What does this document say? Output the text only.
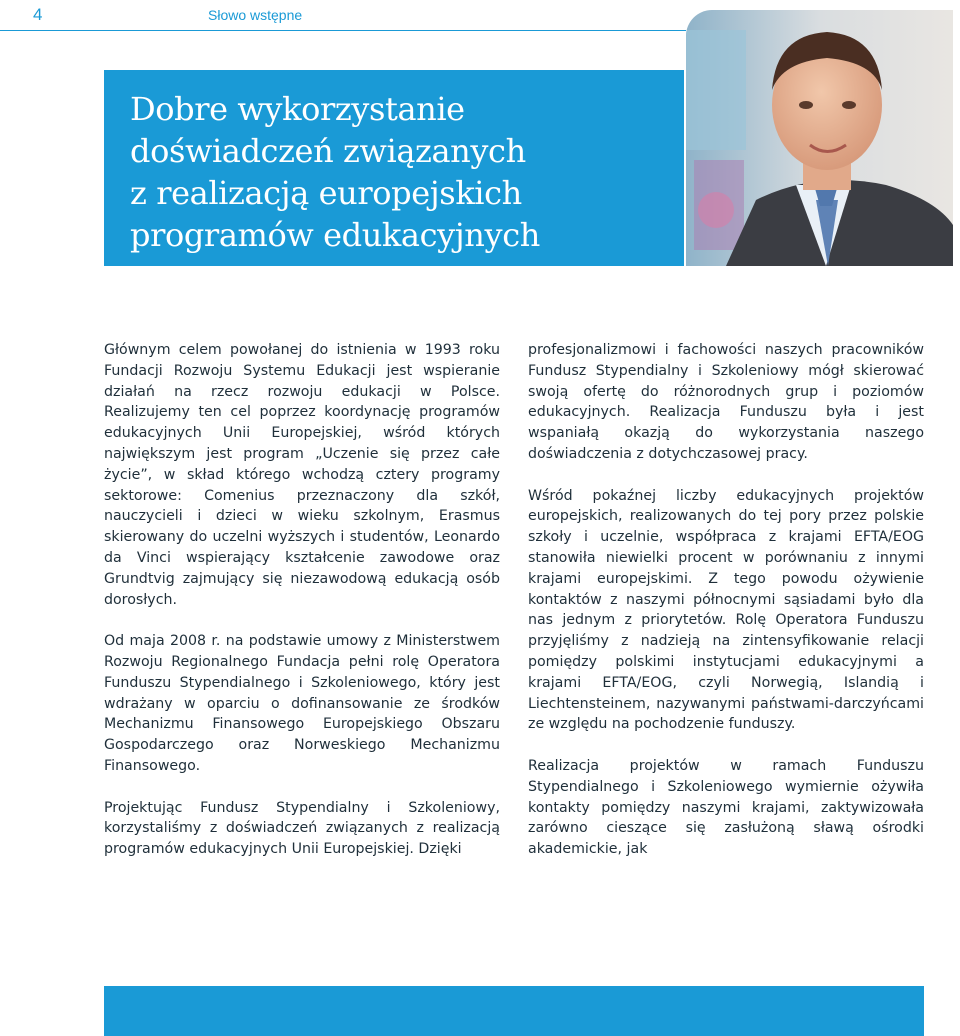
4	Słowo wstępne
Dobre wykorzystanie
doświadczeń związanych
z realizacją europejskich
programów edukacyjnych

Głównym celem powołanej do istnienia w 1993 roku Fundacji Rozwoju Systemu Edukacji jest wspieranie działań na rzecz rozwoju edukacji w Polsce. Realizujemy ten cel poprzez koordynację programów edukacyjnych Unii Europejskiej, wśród których największym jest program „Uczenie się przez całe życie”, w skład którego wchodzą cztery programy sektorowe: Comenius przeznaczony dla szkół, nauczycieli i dzieci w wieku szkolnym, Erasmus skierowany do uczelni wyższych i studentów, Leonardo da Vinci wspierający kształcenie zawodowe oraz Grundtvig zajmujący się niezawodową edukacją osób dorosłych.

Od maja 2008 r. na podstawie umowy z Ministerstwem Rozwoju Regionalnego Fundacja pełni rolę Operatora Funduszu Stypendialnego i Szkoleniowego, który jest wdrażany w oparciu o dofinansowanie ze środków Mechanizmu Finansowego Europejskiego Obszaru Gospodarczego oraz Norweskiego Mechanizmu Finansowego.

Projektując Fundusz Stypendialny i Szkoleniowy, korzystaliśmy z doświadczeń związanych z realizacją programów edukacyjnych Unii Europejskiej. Dzięki

profesjonalizmowi i fachowości naszych pracowników Fundusz Stypendialny i Szkoleniowy mógł skierować swoją ofertę do różnorodnych grup i poziomów edukacyjnych. Realizacja Funduszu była i jest wspaniałą okazją do wykorzystania naszego doświadczenia z dotychczasowej pracy.

Wśród pokaźnej liczby edukacyjnych projektów europejskich, realizowanych do tej pory przez polskie szkoły i uczelnie, współpraca z krajami EFTA/EOG stanowiła niewielki procent w porównaniu z innymi krajami europejskimi. Z tego powodu ożywienie kontaktów z naszymi północnymi sąsiadami było dla nas jednym z priorytetów. Rolę Operatora Funduszu przyjęliśmy z nadzieją na zintensyfikowanie relacji pomiędzy polskimi instytucjami edukacyjnymi a krajami EFTA/EOG, czyli Norwegią, Islandią i Liechtensteinem, nazywanymi państwami-darczyńcami ze względu na pochodzenie funduszy.

Realizacja projektów w ramach Funduszu Stypendialnego i Szkoleniowego wymiernie ożywiła kontakty pomiędzy naszymi krajami, zaktywizowała zarówno cieszące się zasłużoną sławą ośrodki akademickie, jak
